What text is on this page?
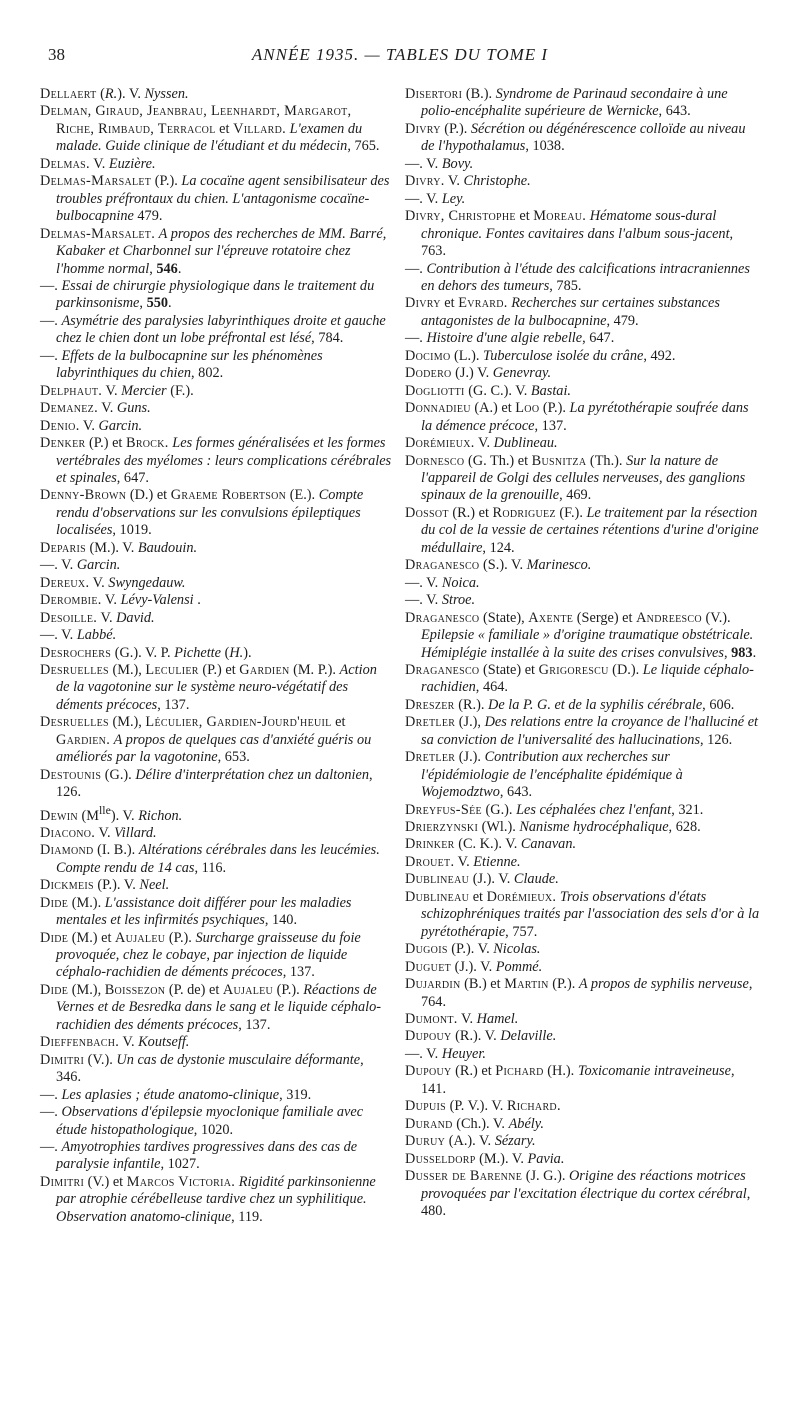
38	ANNÉE 1935. — TABLES DU TOME I

Dellaert (R.). V. Nyssen.

Delman, Giraud, Jeanbrau, Leenhardt, Margarot, Riche, Rimbaud, Terracol et Villard. L'examen du malade. Guide clinique de l'étudiant et du médecin, 765.

Delmas. V. Euzière.

Delmas-Marsalet (P.). La cocaïne agent sensibilisateur des troubles préfrontaux du chien. L'antagonisme cocaïne-bulbocapnine 479.

Delmas-Marsalet. A propos des recherches de MM. Barré, Kabaker et Charbonnel sur l'épreuve rotatoire chez l'homme normal, 546.

—. Essai de chirurgie physiologique dans le traitement du parkinsonisme, 550.

—. Asymétrie des paralysies labyrinthiques droite et gauche chez le chien dont un lobe préfrontal est lésé, 784.

—. Effets de la bulbocapnine sur les phénomènes labyrinthiques du chien, 802.

Delphaut. V. Mercier (F.).

Demanez. V. Guns.

Denio. V. Garcin.

Denker (P.) et Brock. Les formes généralisées et les formes vertébrales des myélomes : leurs complications cérébrales et spinales, 647.

Denny-Brown (D.) et Graeme Robertson (E.). Compte rendu d'observations sur les convulsions épileptiques localisées, 1019.

Deparis (M.). V. Baudouin.

—. V. Garcin.

Dereux. V. Swyngedauw.

Derombie. V. Lévy-Valensi .

Desoille. V. David.

—. V. Labbé.

Desrochers (G.). V. P. Pichette (H.).

Desruelles (M.), Leculier (P.) et Gardien (M. P.). Action de la vagotonine sur le système neuro-végétatif des déments précoces, 137.

Desruelles (M.), Léculier, Gardien-Jourd'heuil et Gardien. A propos de quelques cas d'anxiété guéris ou améliorés par la vagotonine, 653.

Destounis (G.). Délire d'interprétation chez un daltonien, 126.

Dewin $(M^{lle})$. V. Richon.

Diacono. V. Villard.

Diamond (I. B.). Altérations cérébrales dans les leucémies. Compte rendu de 14 cas, 116.

Dickmeis (P.). V. Neel.

Dide (M.). L'assistance doit différer pour les maladies mentales et les infirmités psychiques, 140.

Dide (M.) et Aujaleu (P.). Surcharge graisseuse du foie provoquée, chez le cobaye, par injection de liquide céphalo-rachidien de déments précoces, 137.

Dide (M.), Boissezon (P. de) et Aujaleu (P.). Réactions de Vernes et de Besredka dans le sang et le liquide céphalo-rachidien des déments précoces, 137.

Dieffenbach. V. Koutseff.

Dimitri (V.). Un cas de dystonie musculaire déformante, 346.

—. Les aplasies ; étude anatomo-clinique, 319.

—. Observations d'épilepsie myoclonique familiale avec étude histopathologique, 1020.

—. Amyotrophies tardives progressives dans des cas de paralysie infantile, 1027.

Dimitri (V.) et Marcos Victoria. Rigidité parkinsonienne par atrophie cérébelleuse tardive chez un syphilitique. Observation anatomo-clinique, 119.

Disertori (B.). Syndrome de Parinaud secondaire à une polio-encéphalite supérieure de Wernicke, 643.

Divry (P.). Sécrétion ou dégénérescence colloïde au niveau de l'hypothalamus, 1038.

—. V. Bovy.

Divry. V. Christophe.

—. V. Ley.

Divry, Christophe et Moreau. Hématome sous-dural chronique. Fontes cavitaires dans l'album sous-jacent, 763.

—. Contribution à l'étude des calcifications intracraniennes en dehors des tumeurs, 785.

Divry et Evrard. Recherches sur certaines substances antagonistes de la bulbocapnine, 479.

—. Histoire d'une algie rebelle, 647.

Docimo (L.). Tuberculose isolée du crâne, 492.

Dodero (J.) V. Genevray.

Dogliotti (G. C.). V. Bastai.

Donnadieu (A.) et Loo (P.). La pyrétothérapie soufrée dans la démence précoce, 137.

Dorémieux. V. Dublineau.

Dornesco (G. Th.) et Busnitza (Th.). Sur la nature de l'appareil de Golgi des cellules nerveuses, des ganglions spinaux de la grenouille, 469.

Dossot (R.) et Rodriguez (F.). Le traitement par la résection du col de la vessie de certaines rétentions d'urine d'origine médullaire, 124.

Draganesco (S.). V. Marinesco.

—. V. Noica.

—. V. Stroe.

Draganesco (State), Axente (Serge) et Andreesco (V.). Epilepsie « familiale » d'origine traumatique obstétricale. Hémiplégie installée à la suite des crises convulsives, 983.

Draganesco (State) et Grigorescu (D.). Le liquide céphalo-rachidien, 464.

Dreszer (R.). De la P. G. et de la syphilis cérébrale, 606.

Dretler (J.), Des relations entre la croyance de l'halluciné et sa conviction de l'universalité des hallucinations, 126.

Dretler (J.). Contribution aux recherches sur l'épidémiologie de l'encéphalite épidémique à Wojemodztwo, 643.

Dreyfus-Sée (G.). Les céphalées chez l'enfant, 321.

Drierzynski (Wl.). Nanisme hydrocéphalique, 628.

Drinker (C. K.). V. Canavan.

Drouet. V. Etienne.

Dublineau (J.). V. Claude.

Dublineau et Dorémieux. Trois observations d'états schizophréniques traités par l'association des sels d'or à la pyrétothérapie, 757.

Dugois (P.). V. Nicolas.

Duguet (J.). V. Pommé.

Dujardin (B.) et Martin (P.). A propos de syphilis nerveuse, 764.

Dumont. V. Hamel.

Dupouy (R.). V. Delaville.

—. V. Heuyer.

Dupouy (R.) et Pichard (H.). Toxicomanie intraveineuse, 141.

Dupuis (P. V.). V. Richard.

Durand (Ch.). V. Abély.

Duruy (A.). V. Sézary.

Dusseldorp (M.). V. Pavia.

Dusser de Barenne (J. G.). Origine des réactions motrices provoquées par l'excitation électrique du cortex cérébral, 480.
